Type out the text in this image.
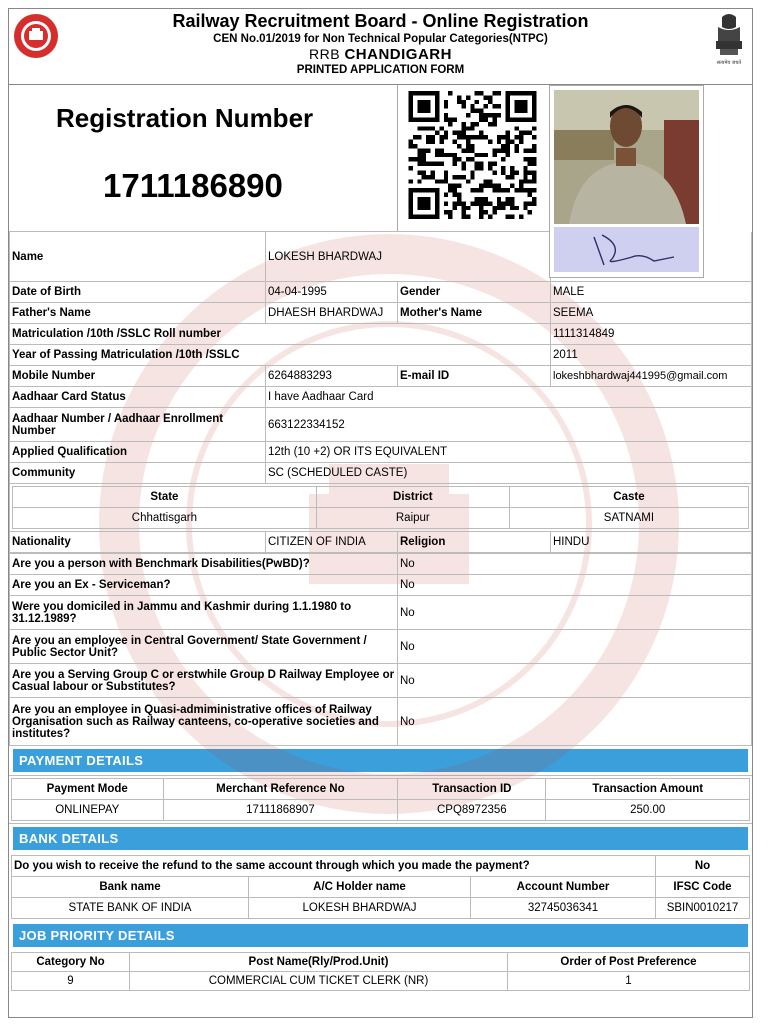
Railway Recruitment Board - Online Registration
CEN No.01/2019 for Non Technical Popular Categories(NTPC)
RRB CHANDIGARH
PRINTED APPLICATION FORM
सत्यमेव जयते
Registration Number
1711186890
Name	LOKESH BHARDWAJ	
Date of Birth	04-04-1995	Gender	MALE
Father's Name	DHAESH BHARDWAJ	Mother's Name	SEEMA
Matriculation /10th /SSLC Roll number	1111314849
Year of Passing Matriculation /10th /SSLC	2011
Mobile Number	6264883293	E-mail ID	lokeshbhardwaj441995@gmail.com
Aadhaar Card Status	I have Aadhaar Card
Aadhaar Number / Aadhaar Enrollment Number	663122334152
Applied Qualification	12th (10 +2) OR ITS EQUIVALENT
Community	SC (SCHEDULED CASTE)

State	District	Caste
Chhattisgarh	Raipur	SATNAMI

Nationality	CITIZEN OF INDIA	Religion	HINDU
Are you a person with Benchmark Disabilities(PwBD)?	No
Are you an Ex - Serviceman?	No
Were you domiciled in Jammu and Kashmir during 1.1.1980 to 31.12.1989?	No
Are you an employee in Central Government/ State Government / Public Sector Unit?	No
Are you a Serving Group C or erstwhile Group D Railway Employee or Casual labour or Substitutes?	No
Are you an employee in Quasi-admiministrative offices of Railway Organisation such as Railway canteens, co-operative societies and institutes?	No
PAYMENT DETAILS
Payment Mode	Merchant Reference No	Transaction ID	Transaction Amount
ONLINEPAY	17111868907	CPQ8972356	250.00
BANK DETAILS
Do you wish to receive the refund to the same account through which you made the payment?			No
Bank name	A/C Holder name	Account Number	IFSC Code
STATE BANK OF INDIA	LOKESH BHARDWAJ	32745036341	SBIN0010217
JOB PRIORITY DETAILS
Category No	Post Name(Rly/Prod.Unit)	Order of Post Preference
9	COMMERCIAL CUM TICKET CLERK (NR)	1
